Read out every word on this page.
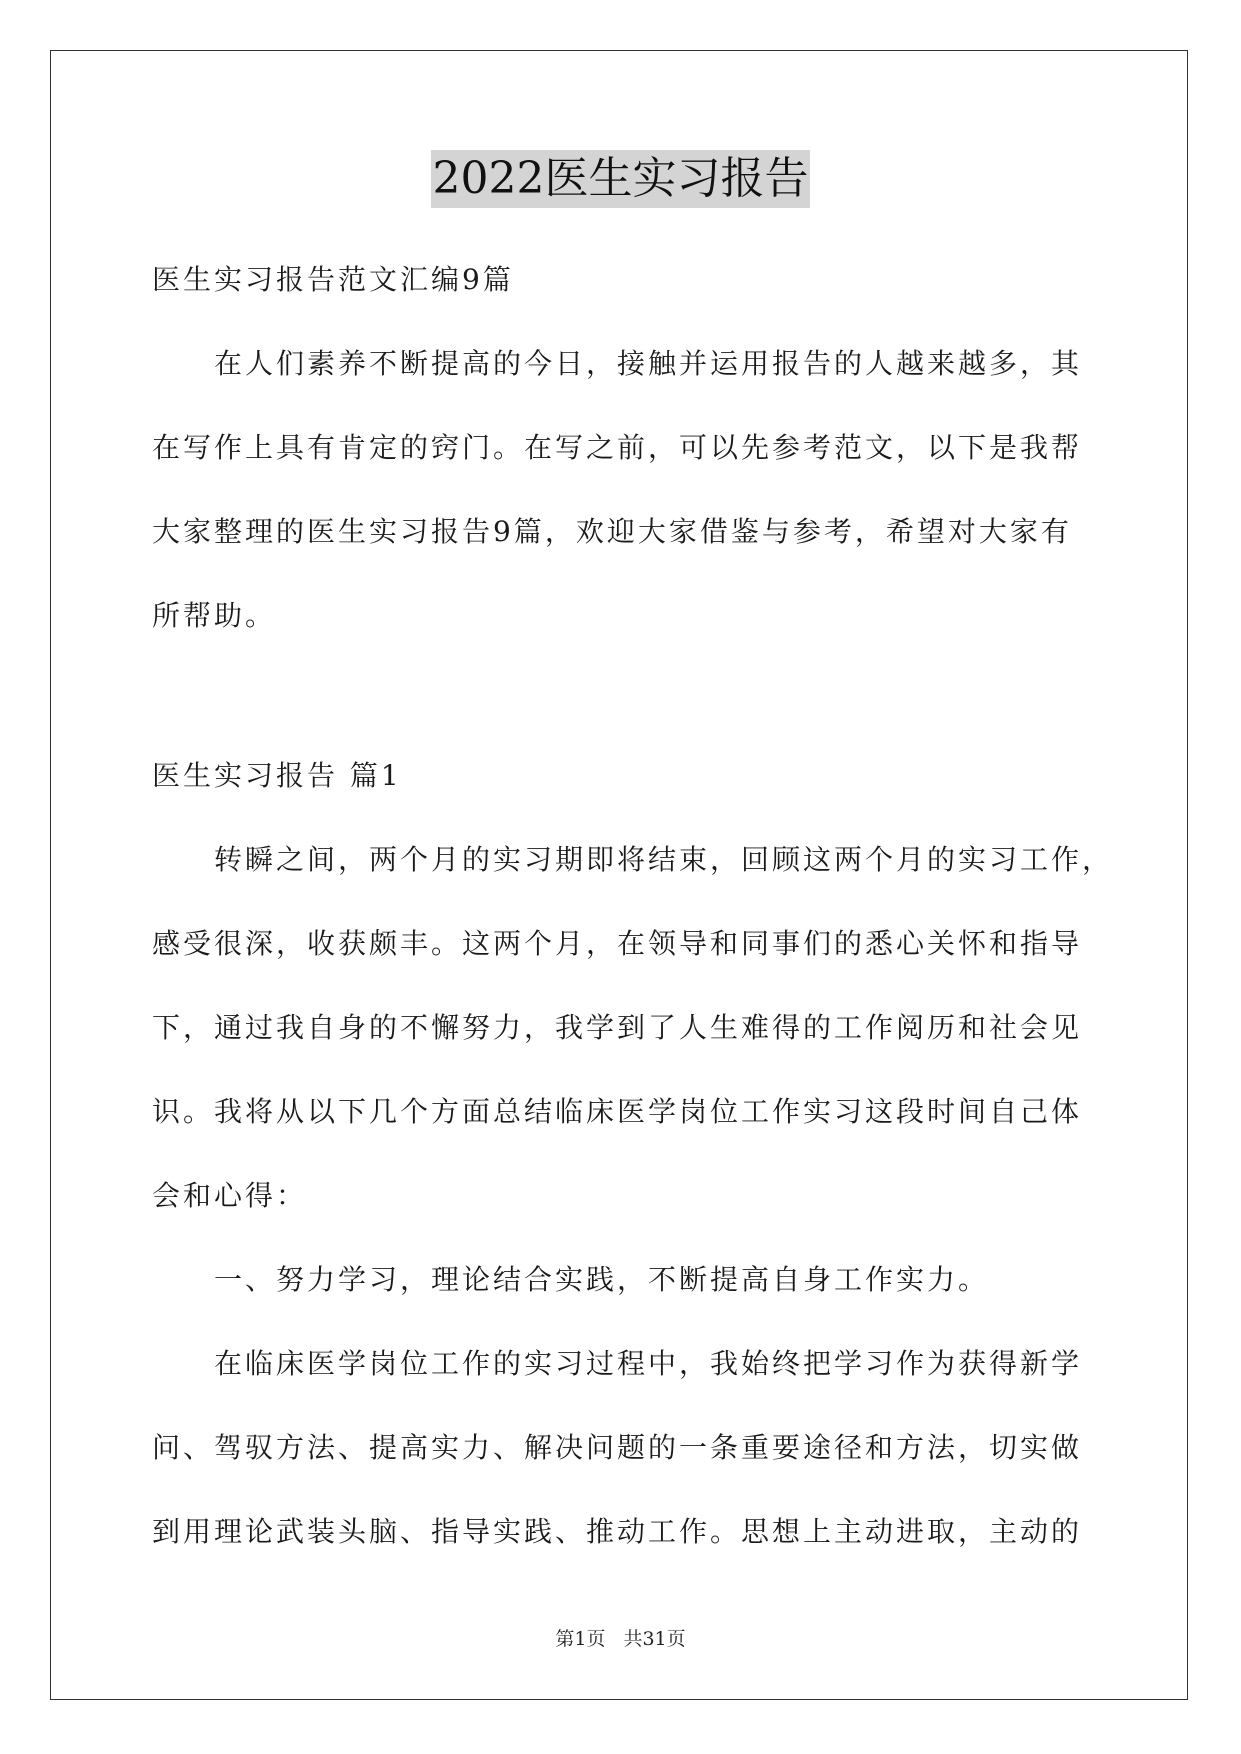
2022医生实习报告
医生实习报告范文汇编9篇
在人们素养不断提高的今日，接触并运用报告的人越来越多，其
在写作上具有肯定的窍门。在写之前，可以先参考范文，以下是我帮
大家整理的医生实习报告9篇，欢迎大家借鉴与参考，希望对大家有
所帮助。
医生实习报告 篇1
转瞬之间，两个月的实习期即将结束，回顾这两个月的实习工作，
感受很深，收获颇丰。这两个月，在领导和同事们的悉心关怀和指导
下，通过我自身的不懈努力，我学到了人生难得的工作阅历和社会见
识。我将从以下几个方面总结临床医学岗位工作实习这段时间自己体
会和心得：
一、努力学习，理论结合实践，不断提高自身工作实力。
在临床医学岗位工作的实习过程中，我始终把学习作为获得新学
问、驾驭方法、提高实力、解决问题的一条重要途径和方法，切实做
到用理论武装头脑、指导实践、推动工作。思想上主动进取，主动的
第1页 共31页
